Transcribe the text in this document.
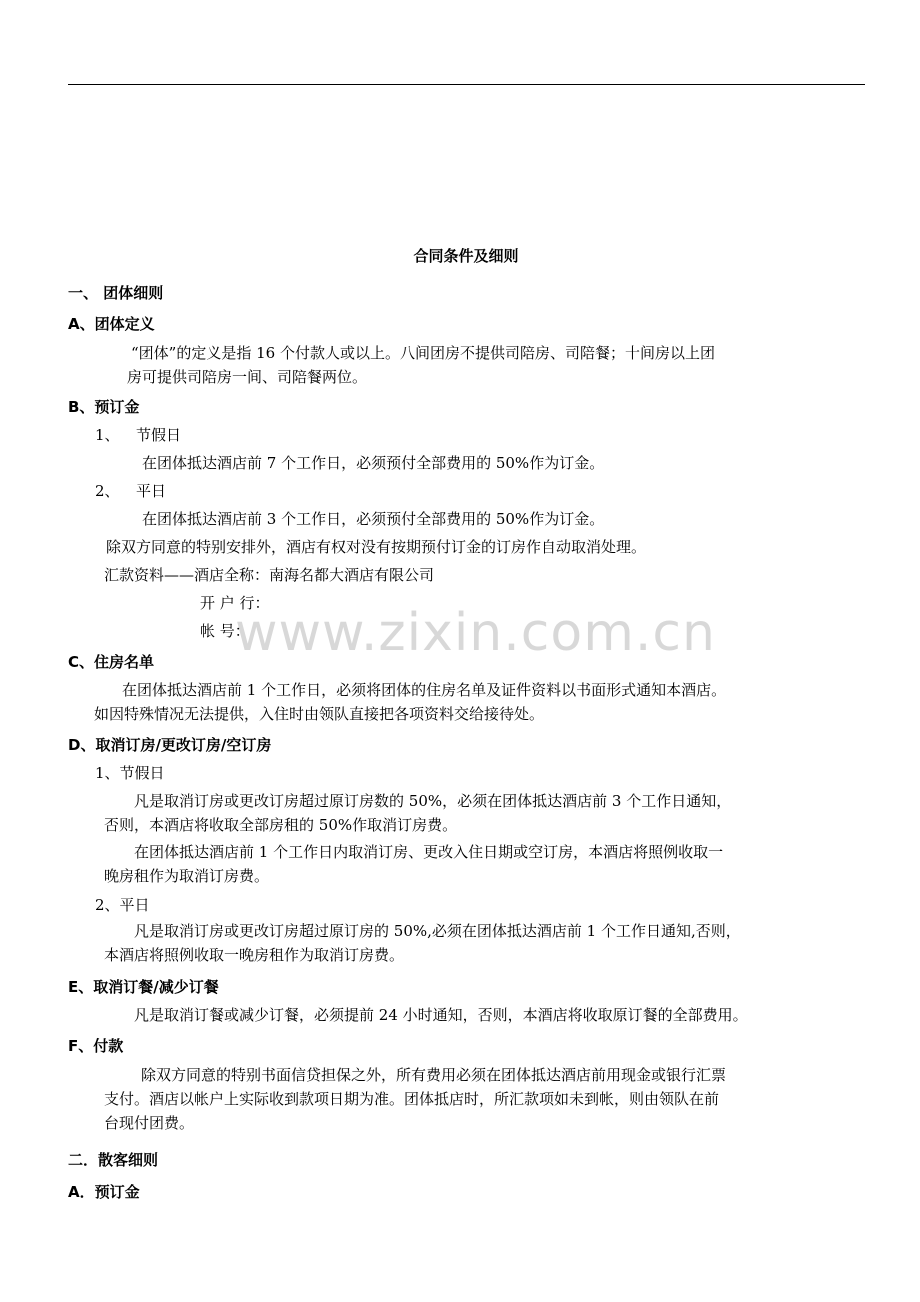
www.zixin.com.cn
合同条件及细则
一、 团体细则
A、团体定义
“团体”的定义是指 16 个付款人或以上。八间团房不提供司陪房、司陪餐；十间房以上团
房可提供司陪房一间、司陪餐两位。
B、预订金
1、 节假日
在团体抵达酒店前 7 个工作日，必须预付全部费用的 50%作为订金。
2、 平日
在团体抵达酒店前 3 个工作日，必须预付全部费用的 50%作为订金。
除双方同意的特别安排外，酒店有权对没有按期预付订金的订房作自动取消处理。
汇款资料——酒店全称：南海名都大酒店有限公司
开 户 行：
帐 号：
C、住房名单
在团体抵达酒店前 1 个工作日，必须将团体的住房名单及证件资料以书面形式通知本酒店。
如因特殊情况无法提供，入住时由领队直接把各项资料交给接待处。
D、取消订房/更改订房/空订房
1、节假日
凡是取消订房或更改订房超过原订房数的 50%，必须在团体抵达酒店前 3 个工作日通知，
否则，本酒店将收取全部房租的 50%作取消订房费。
在团体抵达酒店前 1 个工作日内取消订房、更改入住日期或空订房，本酒店将照例收取一
晚房租作为取消订房费。
2、平日
凡是取消订房或更改订房超过原订房的 50%,必须在团体抵达酒店前 1 个工作日通知,否则，
本酒店将照例收取一晚房租作为取消订房费。
E、取消订餐/减少订餐
凡是取消订餐或减少订餐，必须提前 24 小时通知，否则，本酒店将收取原订餐的全部费用。
F、付款
除双方同意的特别书面信贷担保之外，所有费用必须在团体抵达酒店前用现金或银行汇票
支付。酒店以帐户上实际收到款项日期为准。团体抵店时，所汇款项如未到帐，则由领队在前
台现付团费。
二．散客细则
A．预订金
